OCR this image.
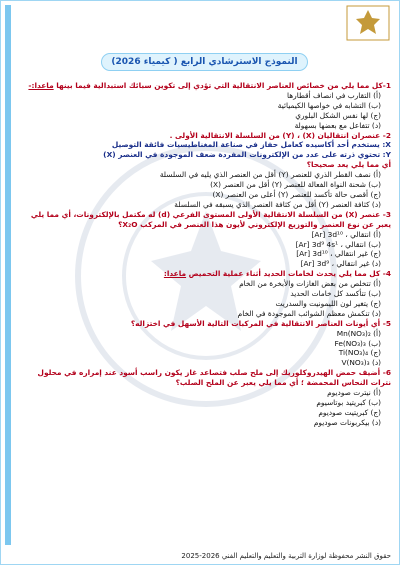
النموذج الاسترشادي الرابع ( كيمياء 2026)
1-كل مما يلي من خصائص العناصر الانتقالية التي تؤدي إلى تكوين سبائك استبدالية فيما بينها ماعدا:-
(أ) التقارب في انصاف أقطارها
(ب) التشابه في خواصها الكيميائية
(ج) لها نفس الشكل البلوري
(د) تتفاعل مع بعضها بسهولة
2- عنصران انتقاليان (X) ، (Y) من السلسلة الانتقالية الأولى .
X: يستخدم أحد أكاسيده كعامل حفاز في صناعة المغناطيسيات فائقة التوصيل
Y: تحتوي ذرته على عدد من الإلكترونات المفردة ضعف الموجودة في العنصر (X)
أي مما يلي يعد صحيحا؟
(أ) نصف القطر الذري للعنصر (Y) أقل من العنصر الذي يليه في السلسلة
(ب) شحنة النواة الفعالة للعنصر (Y) أقل من العنصر (X)
(ج) أقصى حالة تأكسد للعنصر (Y) أعلى من العنصر (X)
(د) كثافة العنصر (Y) أقل من كثافة العنصر الذي يسبقه في السلسلة
3- عنصر (X) من السلسلة الانتقالية الأولى المستوى الفرعي (d) له مكتمل بالإلكترونات، أي مما يلي يعبر عن نوع العنصر والتوزيع الإلكتروني لأيون هذا العنصر في المركب X₂O؟
(أ) انتقالي ، [Ar] 3d¹⁰
(ب) انتقالي ، [Ar] 3d⁹ 4s¹
(ج) غير انتقالي ، [Ar] 3d¹⁰
(د) غير انتقالي ، [Ar] 3d⁹
4- كل مما يلي يحدث لخامات الحديد أثناء عملية التحميص ماعدا:
(أ) تتخلص من بعض الغازات والأبخرة من الخام
(ب) تتأكسد كل خامات الحديد
(ج) يتغير لون الليمونيت والسدريت
(د) تنكمش معظم الشوائب الموجودة في الخام
5- أي أيونات العناصر الانتقالية في المركبات التالية الأسهل في اختزاله؟
(أ) Mn(NO₃)₂
(ب) Fe(NO₃)₃
(ج) Ti(NO₃)₄
(د) V(NO₃)₃
6- أضيف حمض الهيدروكلوريك إلى ملح صلب فتصاعد غاز يكون راسب أسود عند إمراره في محلول نترات النحاس المحمضة ؛ أي مما يلي يعبر عن الملح الصلب؟
(أ) نيترت صوديوم
(ب) كبريتيد بوتاسيوم
(ج) كبريتيت صوديوم
(د) بيكربونات صوديوم
حقوق النشر محفوظة لوزارة التربية والتعليم والتعليم الفني 2026-2025
